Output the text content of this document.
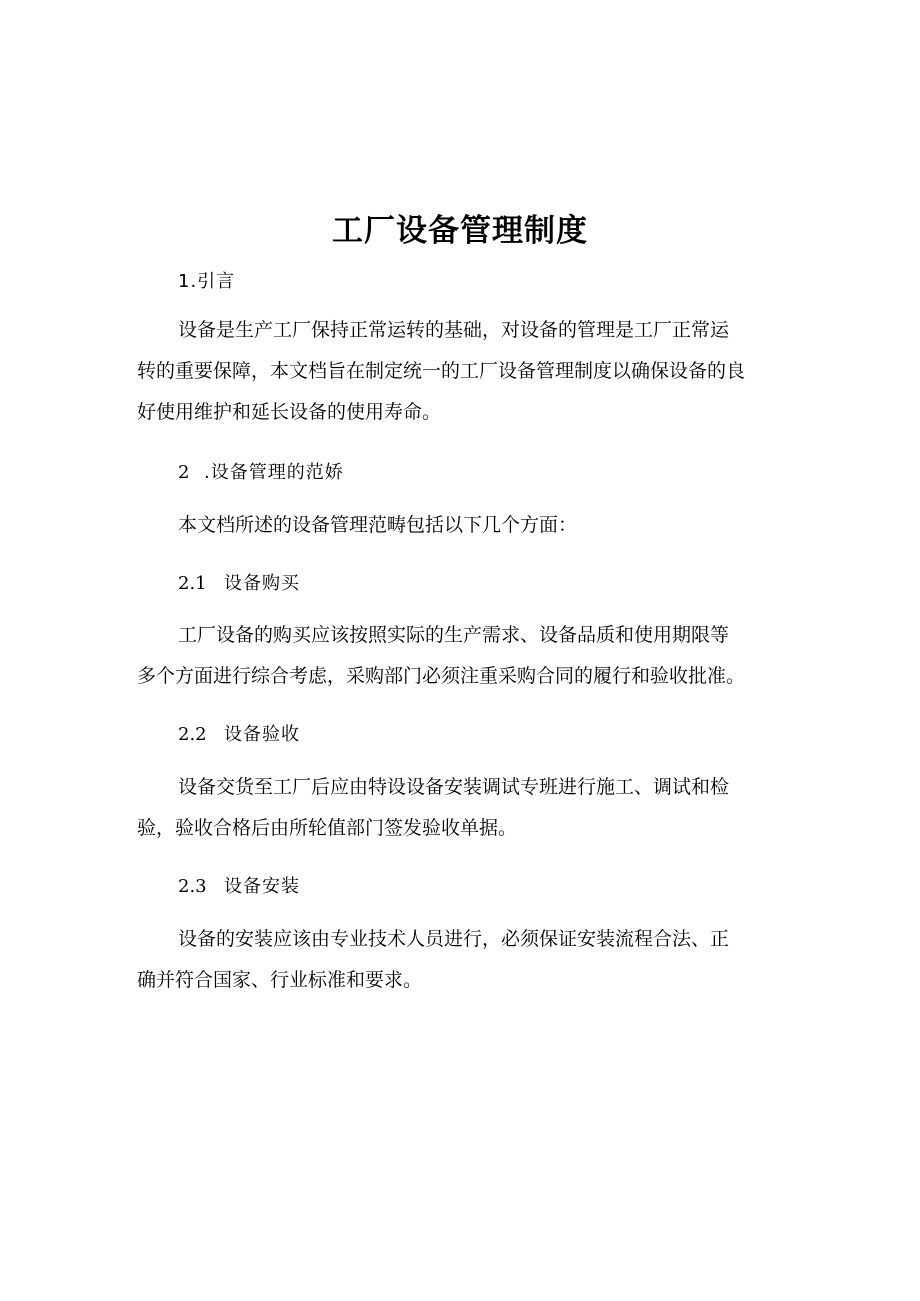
工厂设备管理制度
1.引言
设备是生产工厂保持正常运转的基础，对设备的管理是工厂正常运
转的重要保障，本文档旨在制定统一的工厂设备管理制度以确保设备的良
好使用维护和延长设备的使用寿命。
2 .设备管理的范娇
本文档所述的设备管理范畴包括以下几个方面：
2.1 设备购买
工厂设备的购买应该按照实际的生产需求、设备品质和使用期限等
多个方面进行综合考虑，采购部门必须注重采购合同的履行和验收批准。
2.2 设备验收
设备交货至工厂后应由特设设备安装调试专班进行施工、调试和检
验，验收合格后由所轮值部门签发验收单据。
2.3 设备安装
设备的安装应该由专业技术人员进行，必须保证安装流程合法、正
确并符合国家、行业标准和要求。
